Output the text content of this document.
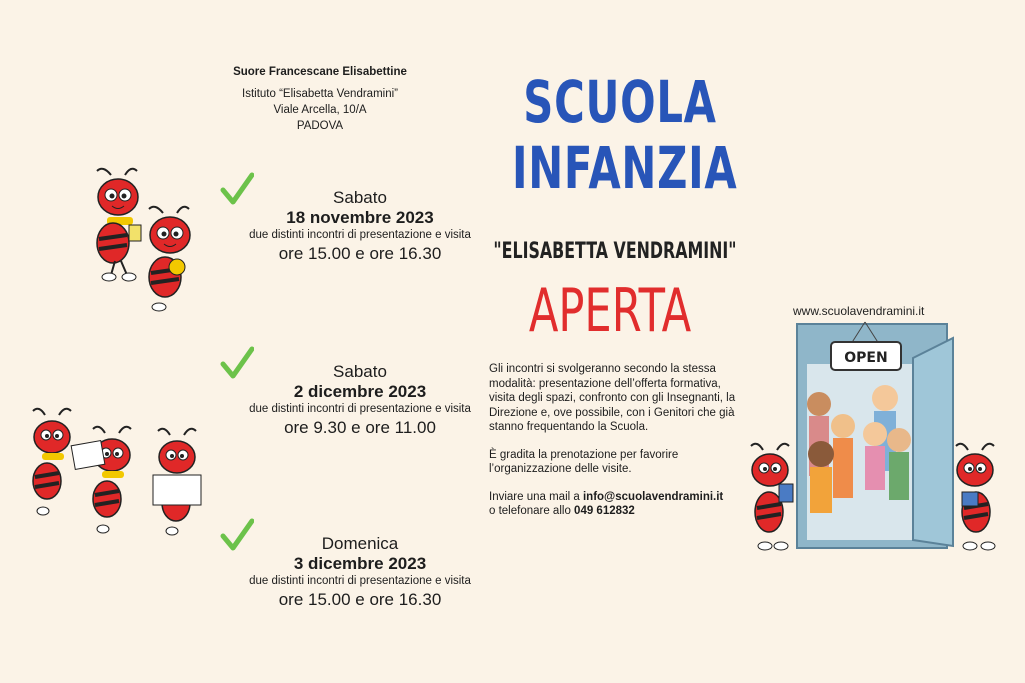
Suore Francescane Elisabettine
Istituto “Elisabetta Vendramini”
Viale Arcella, 10/A
PADOVA
Sabato
18 novembre 2023
due distinti incontri di presentazione e visita
ore 15.00 e ore 16.30
Sabato
2 dicembre 2023
due distinti incontri di presentazione e visita
ore 9.30 e ore 11.00
Domenica
3 dicembre 2023
due distinti incontri di presentazione e visita
ore 15.00 e ore 16.30
SCUOLA
INFANZIA
"ELISABETTA VENDRAMINI"
APERTA

Gli incontri si svolgeranno secondo la stessa modalità: presentazione dell’offerta formativa, visita degli spazi, confronto con gli Insegnanti, la Direzione e, ove possibile, con i Genitori che già stanno frequentando la Scuola.

È gradita la prenotazione per favorire l’organizzazione delle visite.

Inviare una mail a info@scuolavendramini.it
o telefonare allo 049 612832

www.scuolavendramini.it
OPEN
